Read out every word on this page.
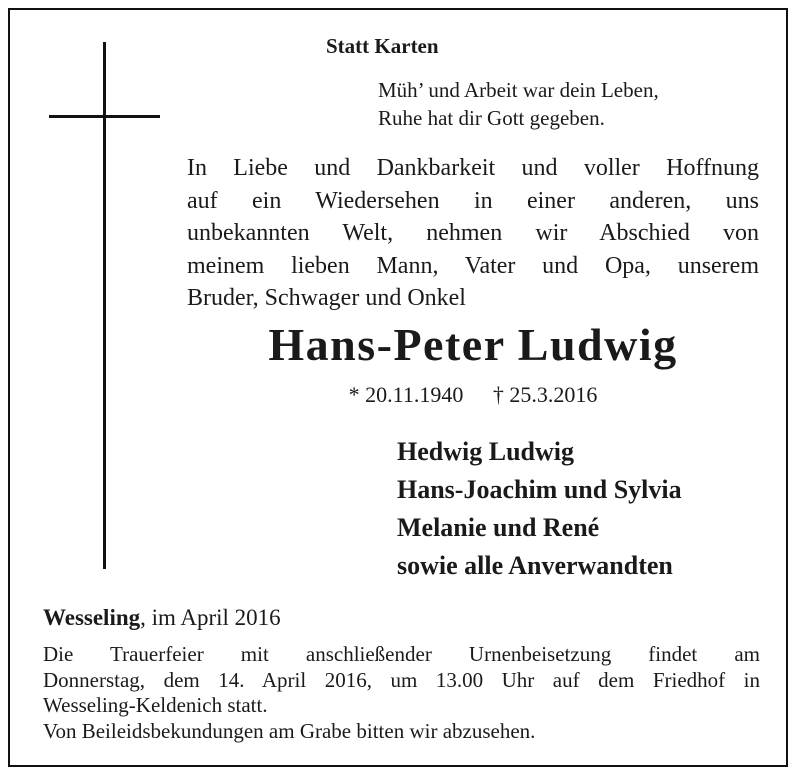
Statt Karten
Müh’ und Arbeit war dein Leben,
Ruhe hat dir Gott gegeben.
In Liebe und Dankbarkeit und voller Hoffnung
auf ein Wiedersehen in einer anderen, uns
unbekannten Welt, nehmen wir Abschied von
meinem lieben Mann, Vater und Opa, unserem
Bruder, Schwager und Onkel
Hans-Peter Ludwig
* 20.11.1940 † 25.3.2016
Hedwig Ludwig
Hans-Joachim und Sylvia
Melanie und René
sowie alle Anverwandten
Wesseling, im April 2016
Die Trauerfeier mit anschließender Urnenbeisetzung findet am
Donnerstag, dem 14. April 2016, um 13.00 Uhr auf dem Friedhof in
Wesseling-Keldenich statt.
Von Beileidsbekundungen am Grabe bitten wir abzusehen.
